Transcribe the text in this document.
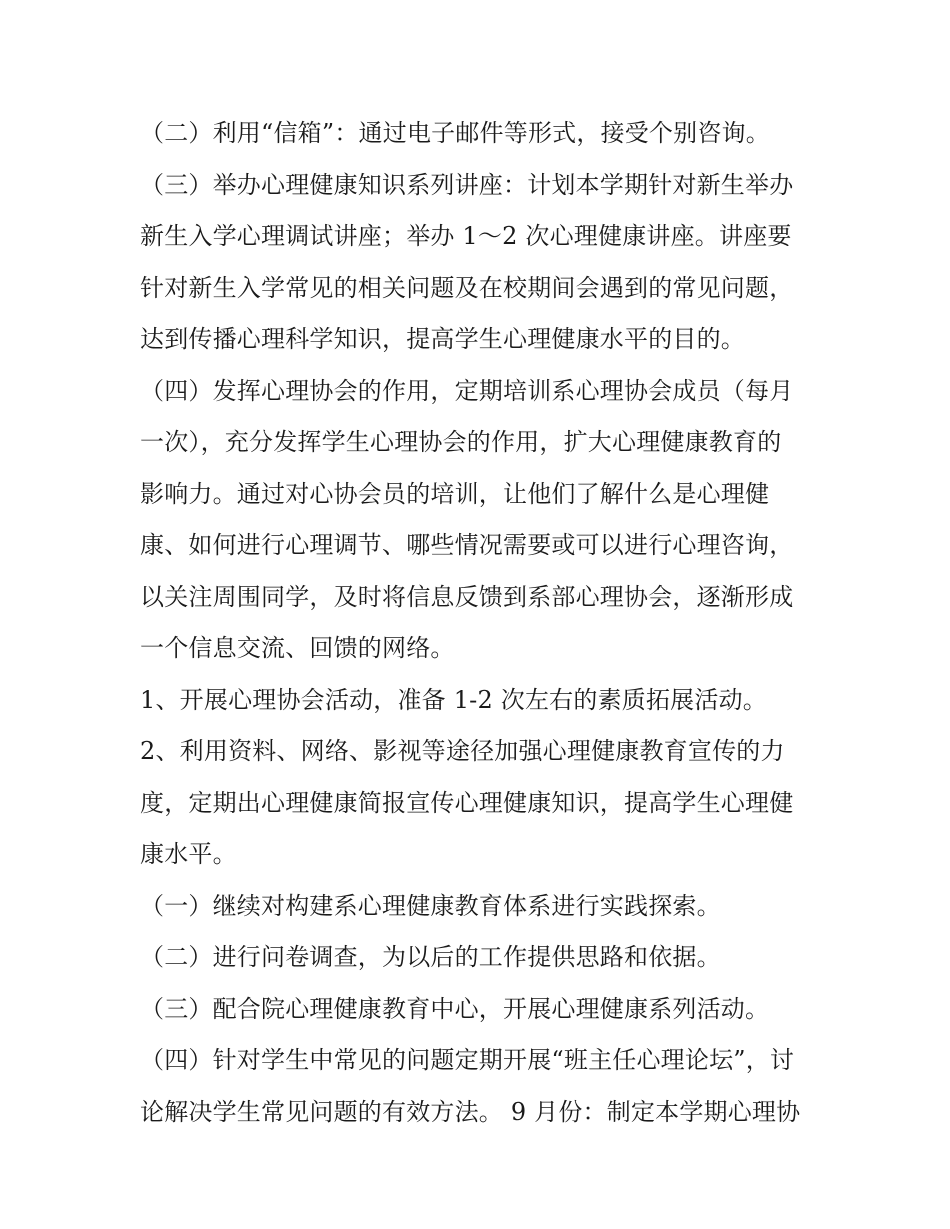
（二）利用“信箱”：通过电子邮件等形式，接受个别咨询。
（三）举办心理健康知识系列讲座：计划本学期针对新生举办
新生入学心理调试讲座；举办 1～2 次心理健康讲座。讲座要
针对新生入学常见的相关问题及在校期间会遇到的常见问题，
达到传播心理科学知识，提高学生心理健康水平的目的。
（四）发挥心理协会的作用，定期培训系心理协会成员（每月
一次），充分发挥学生心理协会的作用，扩大心理健康教育的
影响力。通过对心协会员的培训，让他们了解什么是心理健
康、如何进行心理调节、哪些情况需要或可以进行心理咨询，
以关注周围同学，及时将信息反馈到系部心理协会，逐渐形成
一个信息交流、回馈的网络。
1、开展心理协会活动，准备 1-2 次左右的素质拓展活动。
2、利用资料、网络、影视等途径加强心理健康教育宣传的力
度，定期出心理健康简报宣传心理健康知识，提高学生心理健
康水平。
（一）继续对构建系心理健康教育体系进行实践探索。
（二）进行问卷调查，为以后的工作提供思路和依据。
（三）配合院心理健康教育中心，开展心理健康系列活动。
（四）针对学生中常见的问题定期开展“班主任心理论坛”，讨
论解决学生常见问题的有效方法。 9 月份：制定本学期心理协
